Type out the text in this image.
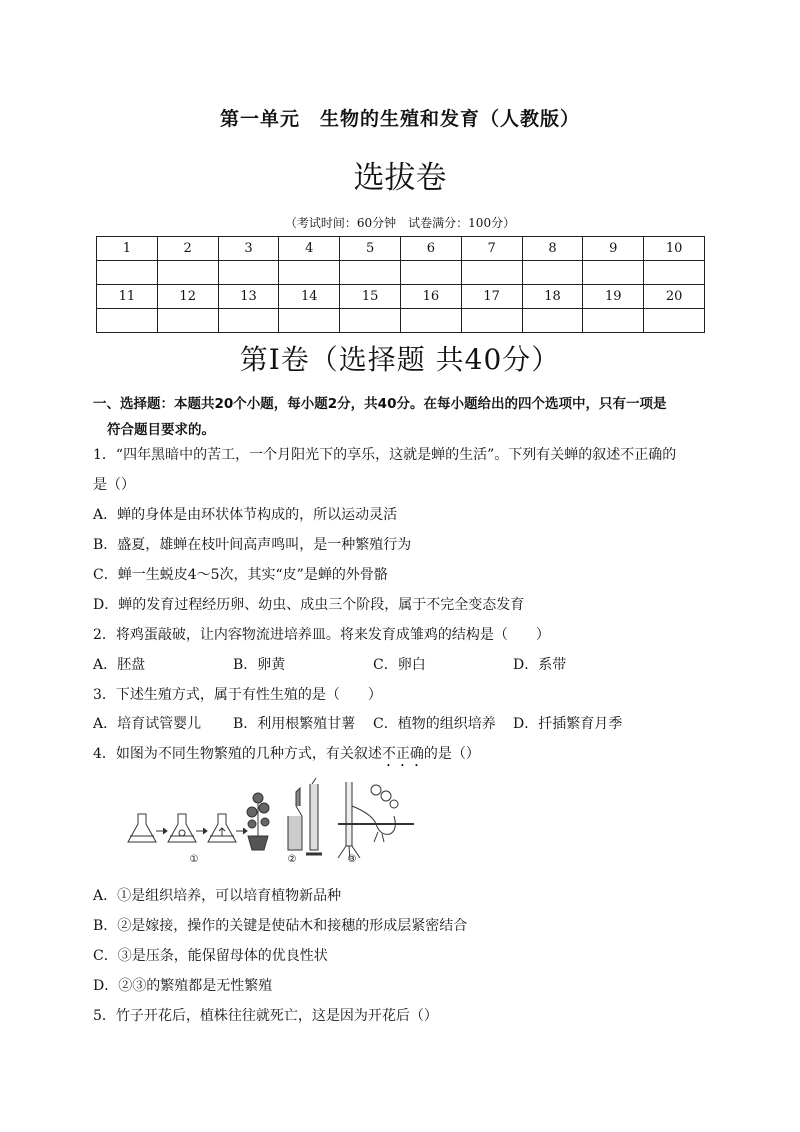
第一单元　生物的生殖和发育（人教版）
选拔卷
（考试时间：60分钟　试卷满分：100分）
1	2	3	4	5	6	7	8	9	10

11	12	13	14	15	16	17	18	19	20

第Ⅰ卷（选择题 共40分）
一、选择题：本题共20个小题，每小题2分，共40分。在每小题给出的四个选项中，只有一项是
符合题目要求的。
1．“四年黑暗中的苦工，一个月阳光下的享乐，这就是蝉的生活”。下列有关蝉的叙述不正确的
是（）
A．蝉的身体是由环状体节构成的，所以运动灵活
B．盛夏，雄蝉在枝叶间高声鸣叫，是一种繁殖行为
C．蝉一生蜕皮4～5次，其实“皮”是蝉的外骨骼
D．蝉的发育过程经历卵、幼虫、成虫三个阶段，属于不完全变态发育
2．将鸡蛋敲破，让内容物流进培养皿。将来发育成雏鸡的结构是（　　）
A．胚盘	B．卵黄	C．卵白	D．系带
3．下述生殖方式，属于有性生殖的是（　　）
A．培育试管婴儿	B．利用根繁殖甘薯	C．植物的组织培养	D．扦插繁育月季
4．如图为不同生物繁殖的几种方式，有关叙述不正确的是（）
①	②	③
A．①是组织培养，可以培育植物新品种
B．②是嫁接，操作的关键是使砧木和接穗的形成层紧密结合
C．③是压条，能保留母体的优良性状
D．②③的繁殖都是无性繁殖
5．竹子开花后，植株往往就死亡，这是因为开花后（）
